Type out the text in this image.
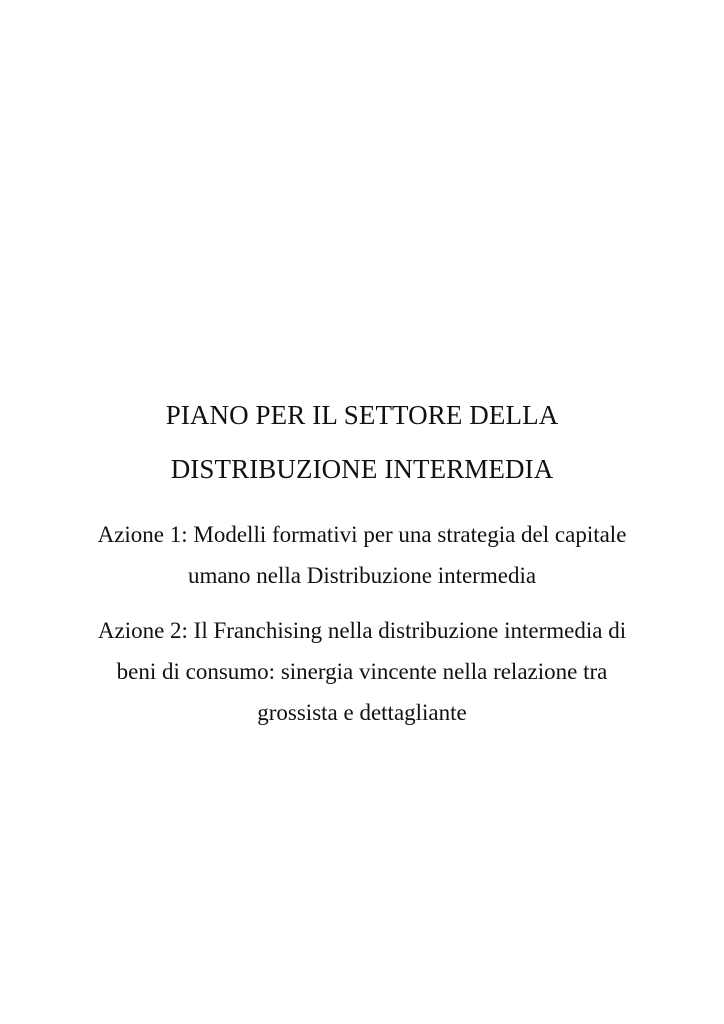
PIANO PER IL SETTORE DELLA
DISTRIBUZIONE INTERMEDIA

Azione 1: Modelli formativi per una strategia del capitale
umano nella Distribuzione intermedia

Azione 2: Il Franchising nella distribuzione intermedia di
beni di consumo: sinergia vincente nella relazione tra
grossista e dettagliante
